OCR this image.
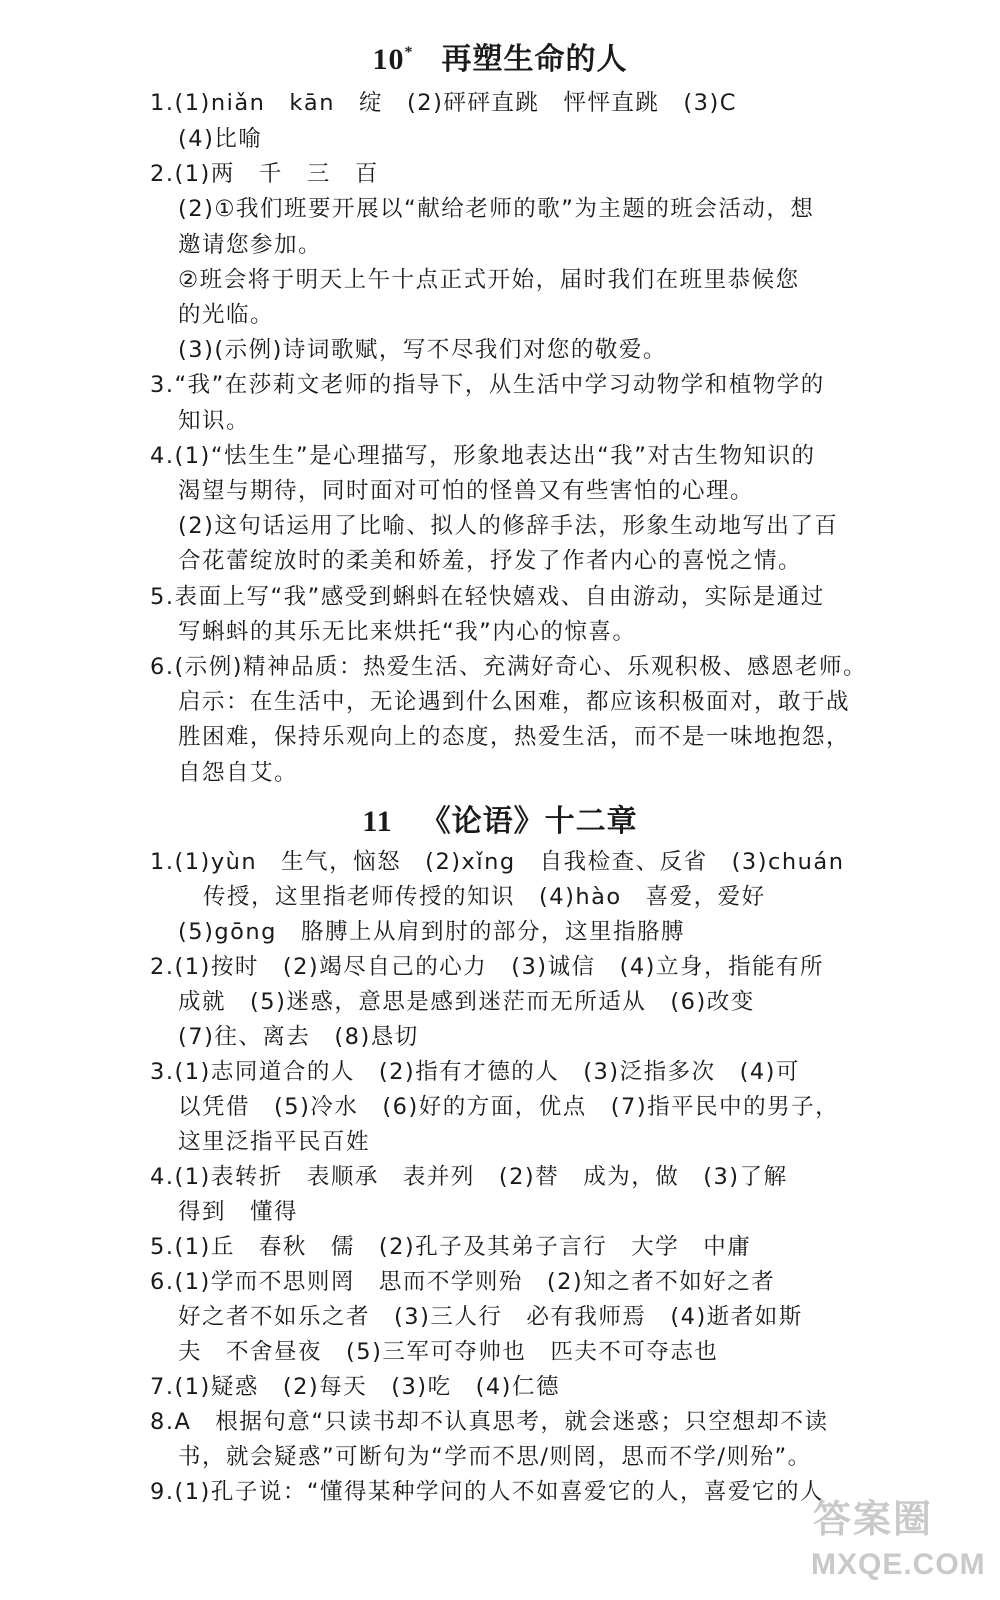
10* 再塑生命的人
1.(1)niǎn　kān　绽　(2)砰砰直跳　怦怦直跳　(3)C
(4)比喻
2.(1)两　千　三　百
(2)①我们班要开展以“献给老师的歌”为主题的班会活动，想
邀请您参加。
②班会将于明天上午十点正式开始，届时我们在班里恭候您
的光临。
(3)(示例)诗词歌赋，写不尽我们对您的敬爱。
3.“我”在莎莉文老师的指导下，从生活中学习动物学和植物学的
知识。
4.(1)“怯生生”是心理描写，形象地表达出“我”对古生物知识的
渴望与期待，同时面对可怕的怪兽又有些害怕的心理。
(2)这句话运用了比喻、拟人的修辞手法，形象生动地写出了百
合花蕾绽放时的柔美和娇羞，抒发了作者内心的喜悦之情。
5.表面上写“我”感受到蝌蚪在轻快嬉戏、自由游动，实际是通过
写蝌蚪的其乐无比来烘托“我”内心的惊喜。
6.(示例)精神品质：热爱生活、充满好奇心、乐观积极、感恩老师。
启示：在生活中，无论遇到什么困难，都应该积极面对，敢于战
胜困难，保持乐观向上的态度，热爱生活，而不是一味地抱怨，
自怨自艾。
11 《论语》十二章
1.(1)yùn　生气，恼怒　(2)xǐng　自我检查、反省　(3)chuán
传授，这里指老师传授的知识　(4)hào　喜爱，爱好
(5)gōng　胳膊上从肩到肘的部分，这里指胳膊
2.(1)按时　(2)竭尽自己的心力　(3)诚信　(4)立身，指能有所
成就　(5)迷惑，意思是感到迷茫而无所适从　(6)改变
(7)往、离去　(8)恳切
3.(1)志同道合的人　(2)指有才德的人　(3)泛指多次　(4)可
以凭借　(5)冷水　(6)好的方面，优点　(7)指平民中的男子，
这里泛指平民百姓
4.(1)表转折　表顺承　表并列　(2)替　成为，做　(3)了解
得到　懂得
5.(1)丘　春秋　儒　(2)孔子及其弟子言行　大学　中庸
6.(1)学而不思则罔　思而不学则殆　(2)知之者不如好之者
好之者不如乐之者　(3)三人行　必有我师焉　(4)逝者如斯
夫　不舍昼夜　(5)三军可夺帅也　匹夫不可夺志也
7.(1)疑惑　(2)每天　(3)吃　(4)仁德
8.A　根据句意“只读书却不认真思考，就会迷惑；只空想却不读
书，就会疑惑”可断句为“学而不思/则罔，思而不学/则殆”。
9.(1)孔子说：“懂得某种学问的人不如喜爱它的人，喜爱它的人
答案圈
MXQE.COM
